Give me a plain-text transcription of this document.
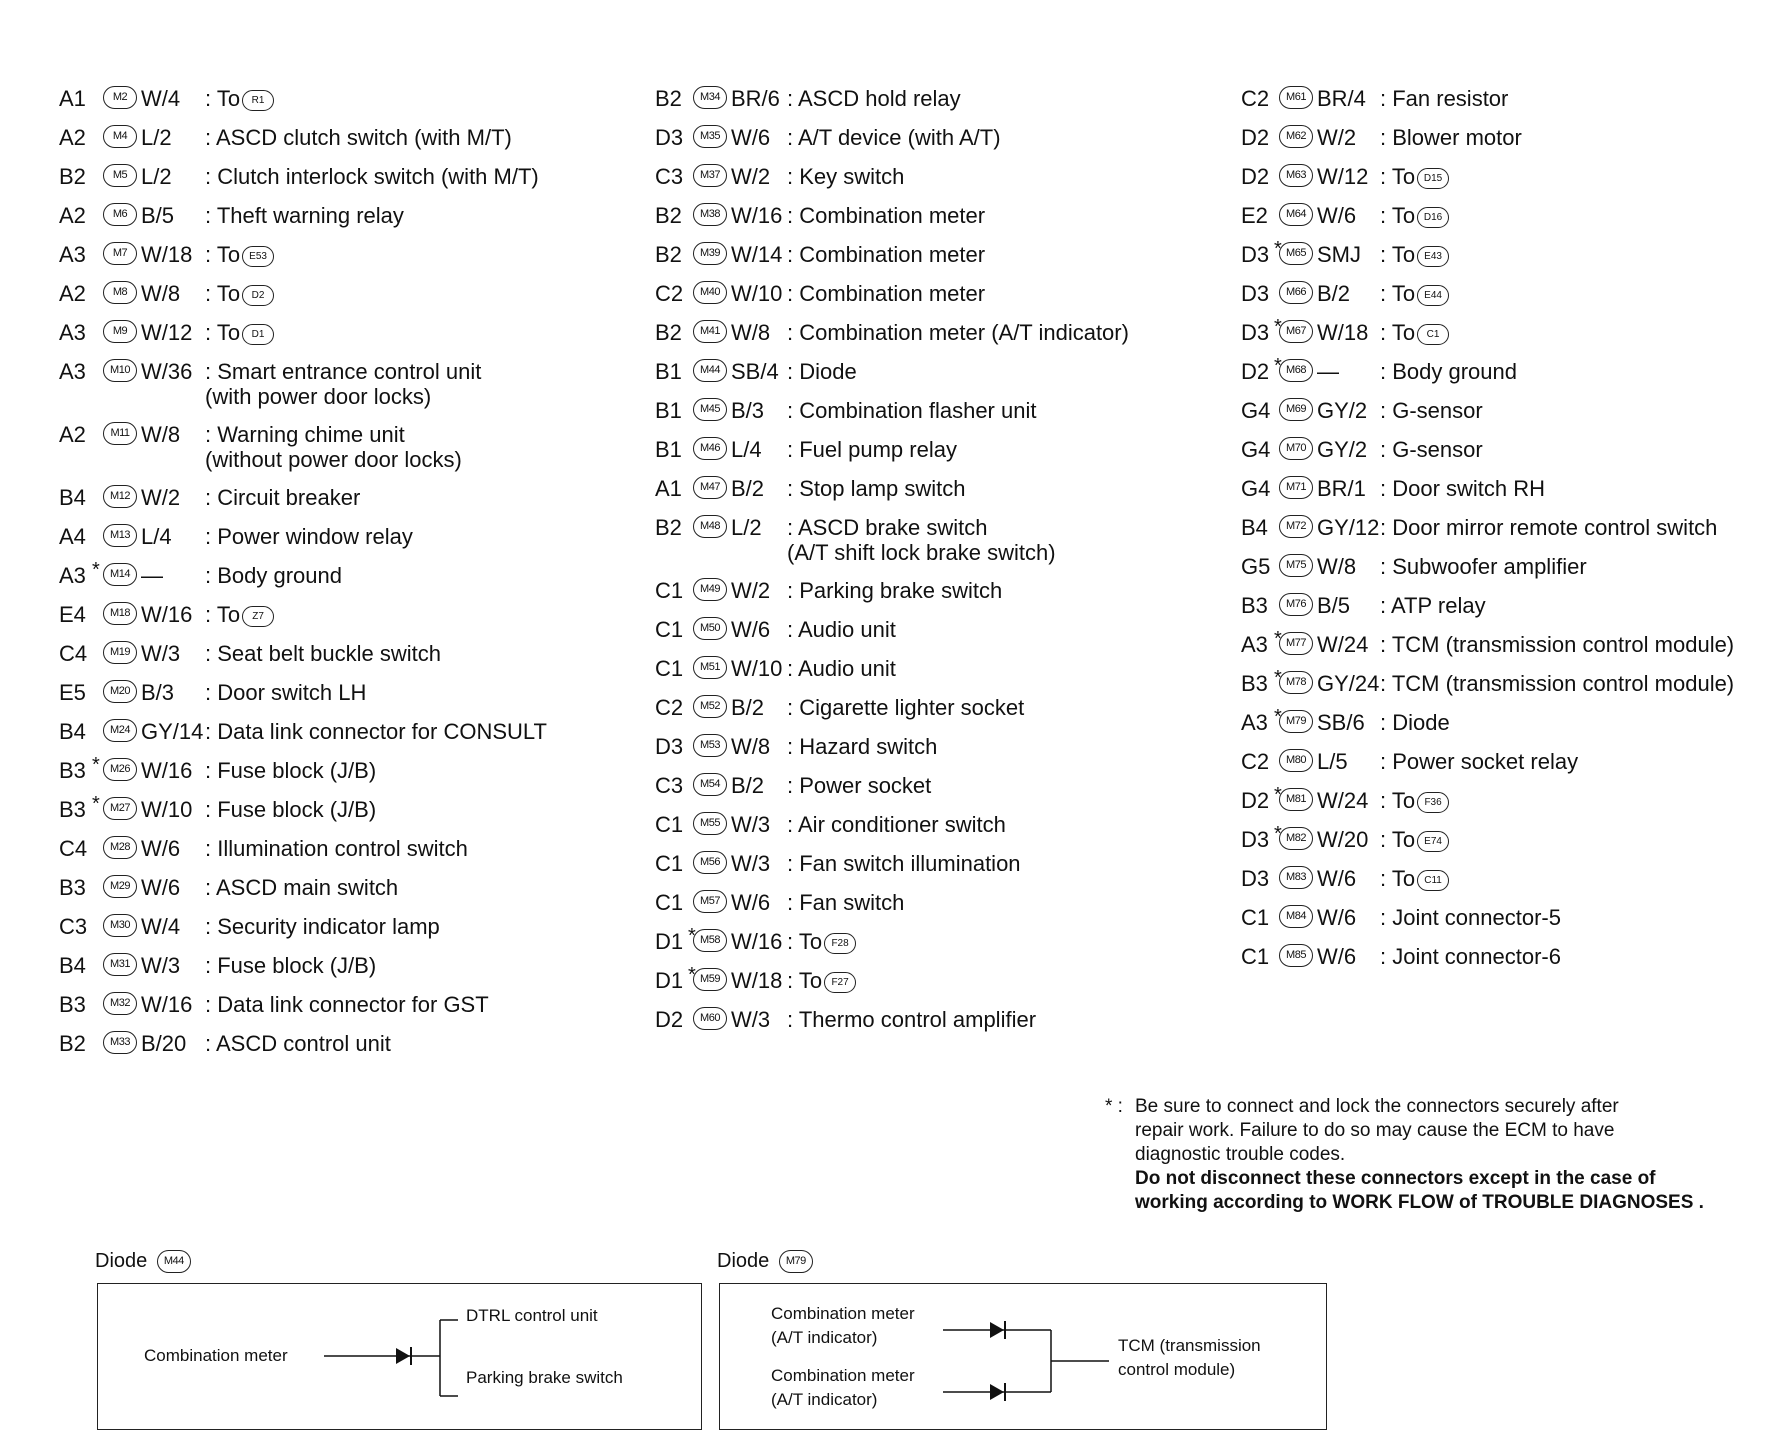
A1	M2 W/4	: To R1
A2	M4 L/2	: ASCD clutch switch (with M/T)
B2	M5 L/2	: Clutch interlock switch (with M/T)
A2	M6 B/5	: Theft warning relay
A3	M7 W/18 : To E53
A2	M8 W/8	: To D2
A3	M9 W/12 : To D1
A3	M10 W/36 : Smart entrance control unit
(with power door locks)
A2	M11 W/8	: Warning chime unit
(without power door locks)
B4	M12 W/2	: Circuit breaker
A4	M13 L/4	: Power window relay
A3 * M14 —	: Body ground
E4	M18 W/16 : To Z7
C4	M19 W/3	: Seat belt buckle switch
E5	M20 B/3	: Door switch LH
B4	M24 GY/14 : Data link connector for CONSULT
B3 * M26 W/16 : Fuse block (J/B)
B3 * M27 W/10 : Fuse block (J/B)
C4	M28 W/6	: Illumination control switch
B3	M29 W/6	: ASCD main switch
C3	M30 W/4	: Security indicator lamp
B4	M31 W/3	: Fuse block (J/B)
B3	M32 W/16 : Data link connector for GST
B2	M33 B/20 : ASCD control unit
B2	M34 BR/6 : ASCD hold relay
D3	M35 W/6 : A/T device (with A/T)
C3	M37 W/2 : Key switch
B2	M38 W/16 : Combination meter
B2	M39 W/14 : Combination meter
C2	M40 W/10 : Combination meter
B2	M41 W/8 : Combination meter (A/T indicator)
B1	M44 SB/4 : Diode
B1	M45 B/3	: Combination flasher unit
B1	M46 L/4	: Fuel pump relay
A1	M47 B/2	: Stop lamp switch
B2	M48 L/2	: ASCD brake switch
(A/T shift lock brake switch)
C1	M49 W/2 : Parking brake switch
C1	M50 W/6 : Audio unit
C1	M51 W/10 : Audio unit
C2	M52 B/2	: Cigarette lighter socket
D3	M53 W/8 : Hazard switch
C3	M54 B/2	: Power socket
C1	M55 W/3 : Air conditioner switch
C1	M56 W/3 : Fan switch illumination
C1	M57 W/6 : Fan switch
D1 * M58 W/16 : To F28
D1 * M59 W/18 : To F27
D2	M60 W/3 : Thermo control amplifier
C2	M61 BR/4 : Fan resistor
D2	M62 W/2	: Blower motor
D2	M63 W/12 : To D15
E2	M64 W/6	: To D16
D3 * M65 SMJ : To E43
D3	M66 B/2	: To E44
D3 * M67 W/18 : To C1
D2 * M68 —	: Body ground
G4	M69 GY/2 : G-sensor
G4	M70 GY/2 : G-sensor
G4	M71 BR/1 : Door switch RH
B4	M72 GY/12 : Door mirror remote control switch
G5	M75 W/8	: Subwoofer amplifier
B3	M76 B/5	: ATP relay
A3 * M77 W/24 : TCM (transmission control module)
B3 * M78 GY/24 : TCM (transmission control module)
A3 * M79 SB/6 : Diode
C2	M80 L/5	: Power socket relay
D2 * M81 W/24 : To F36
D3 * M82 W/20 : To E74
D3	M83 W/6	: To C11
C1	M84 W/6	: Joint connector-5
C1	M85 W/6	: Joint connector-6
* : Be sure to connect and lock the connectors securely after

repair work. Failure to do so may cause the ECM to have

diagnostic trouble codes.

Do not disconnect these connectors except in the case of

working according to WORK FLOW of TROUBLE DIAGNOSES .

Diode M44
Combination meter
DTRL control unit
Parking brake switch
Diode M79
Combination meter
(A/T indicator)
Combination meter
(A/T indicator)
TCM (transmission
control module)
